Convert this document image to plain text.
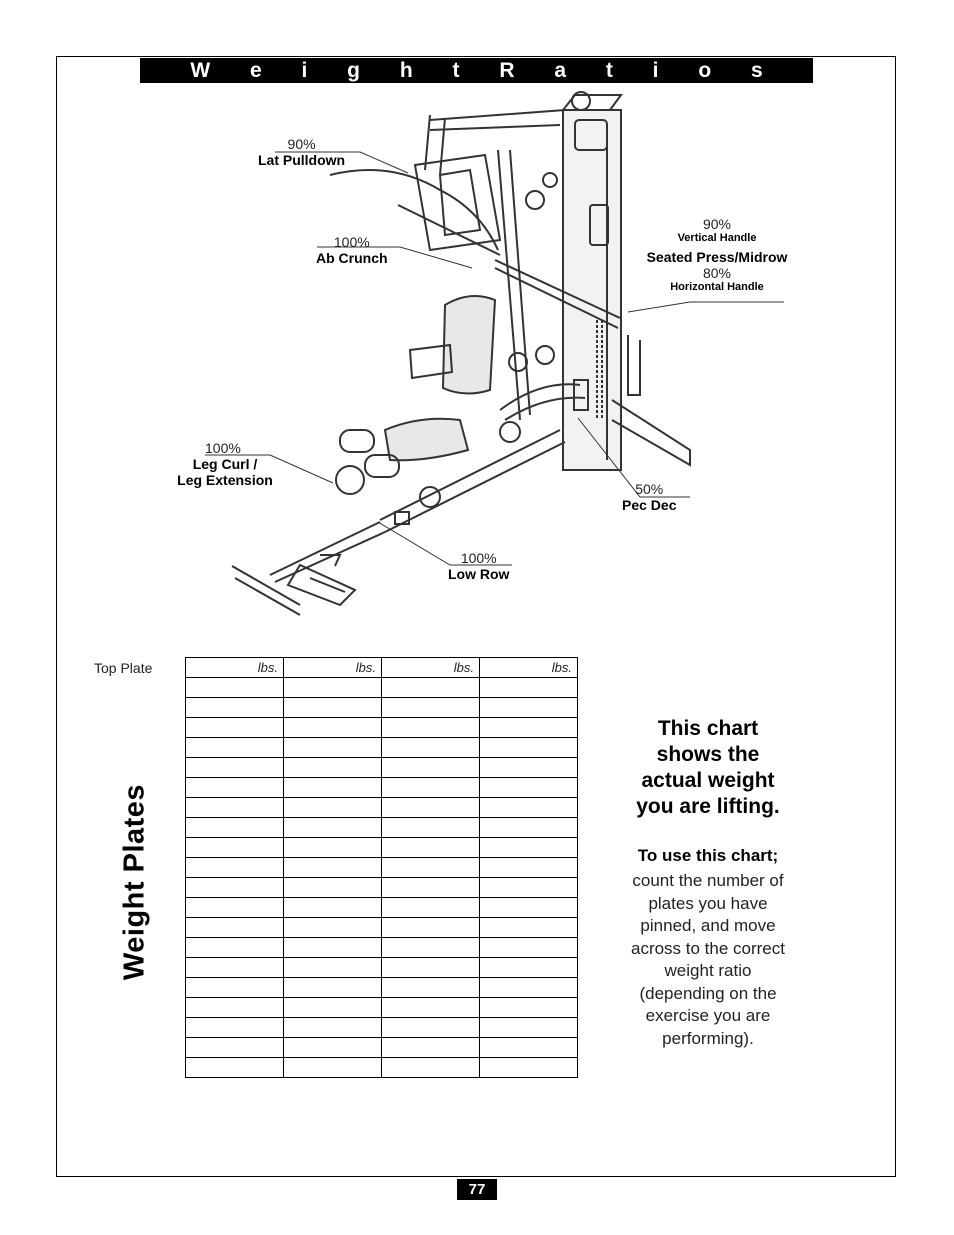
W e i g h t R a t i o s
90%
Lat Pulldown
100%
Ab Crunch
90%
Vertical Handle
Seated Press/Midrow
80%
Horizontal Handle
100%
Leg Curl /
Leg Extension
50%
Pec Dec
100%
Low Row
Weight Plates
Top Plate	lbs.	lbs.	lbs.	lbs.

This chart
shows the
actual weight
you are lifting.
To use this chart;
count the number of
plates you have
pinned, and move
across to the correct
weight ratio
(depending on the
exercise you are
performing).
77
